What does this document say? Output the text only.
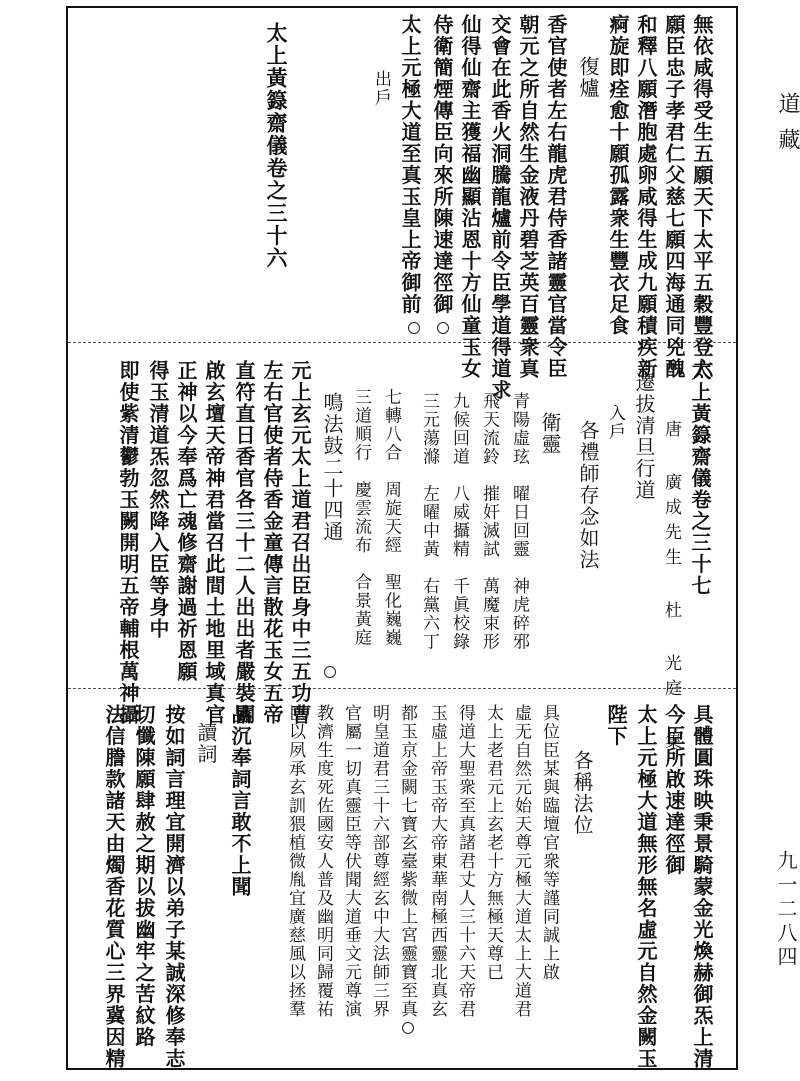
道藏
九一二八四
無依咸得受生五願天下太平五穀豐登六
願臣忠子孝君仁父慈七願四海通同兇醜
和釋八願潛胞處卵咸得生成九願積疾新
痾旋即痊愈十願孤露衆生豐衣足食
復爐
香官使者左右龍虎君侍香諸靈官當令臣
朝元之所自然生金液丹碧芝英百靈衆真
交會在此香火洞騰龍爐前令臣學道得道求
仙得仙齋主獲福幽顯沾恩十方仙童玉女
侍衛簡煙傳臣向來所陳速達徑御
太上元極大道至真玉皇上帝御前
出戶
太上黃籙齋儀卷之三十六
太上黃籙齋儀卷之三十七
唐 廣成先生 杜 光庭 集
遷拔清旦行道
入戶
各禮師存念如法
衛靈
青陽虛玹　曜日回靈　神虎碎邪
飛天流鈴　摧奸滅試　萬魔束形
九候回道　八威攝精　千眞校錄
三元蕩滌　左曜中黃　右黨六丁
七轉八合　周旋天經　聖化巍巍
三道順行　慶雲流布　合景黃庭
鳴法鼓二十四通
元上玄元太上道君召出臣身中三五功曹
左右官使者侍香金童傳言散花玉女五帝
直符直日香官各三十二人出出者嚴裝關
啟玄壇天帝神君當召此間土地里域真官
正神以今奉爲亡魂修齋謝過祈恩願
得玉清道炁忽然降入臣等身中
即使紫清鬱勃玉闕開明五帝輔根萬神攝
具體圓珠映秉景騎蒙金光煥赫御炁上清
今臣所啟速達徑御
太上元極大道無形無名虛元自然金闕玉
陛下
各稱法位
具位臣某與臨壇官衆等謹同誠上啟
虛无自然元始天尊元極大道太上大道君
太上老君元上玄老十方無極天尊已
得道大聖衆至真諸君丈人三十六天帝君
玉虛上帝玉帝大帝東華南極西靈北真玄
都玉京金闕七寶玄臺紫微上宮靈寶至真
明皇道君三十六部尊經玄中大法師三界
官屬一切真靈臣等伏聞大道垂文元尊演
教濟生度死佐國安人普及幽明同歸覆祐
臣以夙承玄訓猥植微胤宜廣慈風以拯羣
品沉奉詞言敢不上聞
讀詞
按如詞言理宜開濟以弟子某誠深修奉志
切懺陳願肆赦之期以拔幽牢之苦紋路
法信謄款諸天由燭香花質心三界冀因精
